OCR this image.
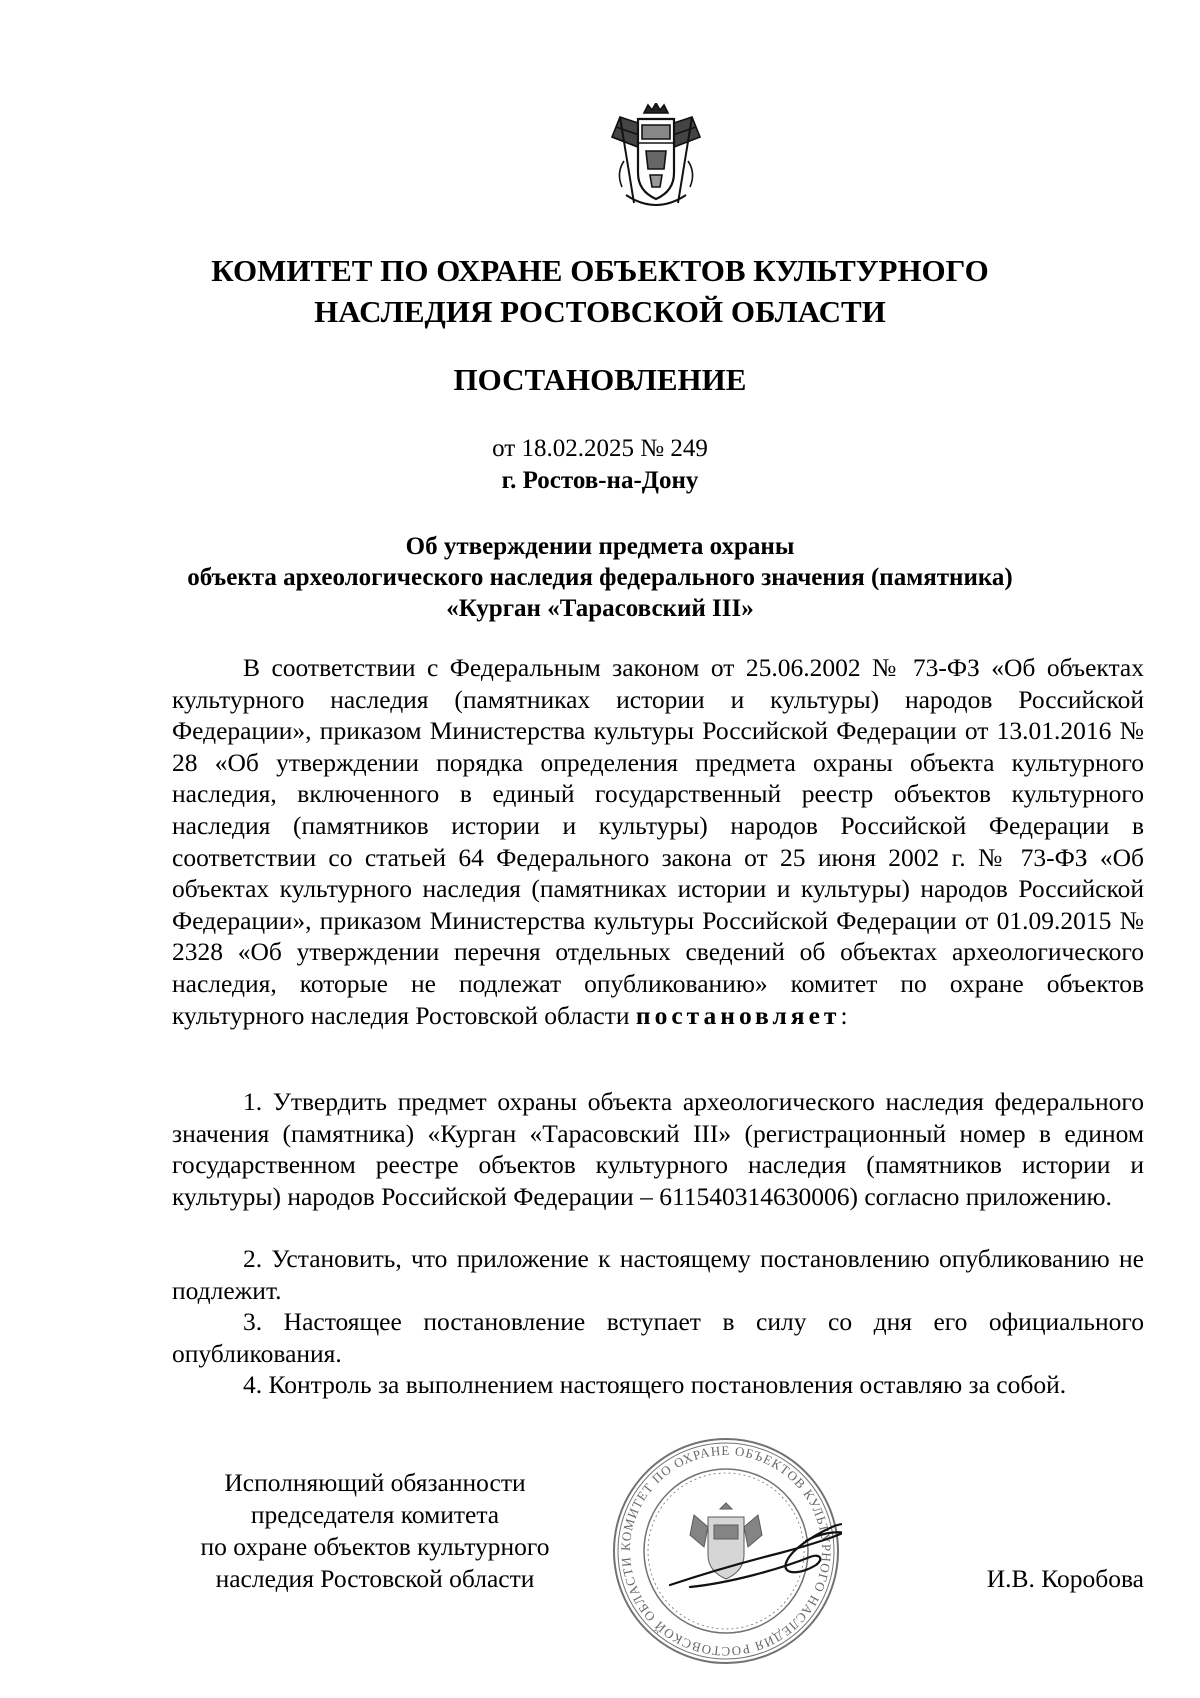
КОМИТЕТ ПО ОХРАНЕ ОБЪЕКТОВ КУЛЬТУРНОГО
НАСЛЕДИЯ РОСТОВСКОЙ ОБЛАСТИ
ПОСТАНОВЛЕНИЕ
от 18.02.2025 № 249
г. Ростов-на-Дону
Об утверждении предмета охраны
объекта археологического наследия федерального значения (памятника)
«Курган «Тарасовский III»
В соответствии с Федеральным законом от 25.06.2002 № 73-ФЗ «Об объектах культурного наследия (памятниках истории и культуры) народов Российской Федерации», приказом Министерства культуры Российской Федерации от 13.01.2016 № 28 «Об утверждении порядка определения предмета охраны объекта культурного наследия, включенного в единый государственный реестр объектов культурного наследия (памятников истории и культуры) народов Российской Федерации в соответствии со статьей 64 Федерального закона от 25 июня 2002 г. № 73-ФЗ «Об объектах культурного наследия (памятниках истории и культуры) народов Российской Федерации», приказом Министерства культуры Российской Федерации от 01.09.2015 № 2328 «Об утверждении перечня отдельных сведений об объектах археологического наследия, которые не подлежат опубликованию» комитет по охране объектов культурного наследия Ростовской области постановляет:
1. Утвердить предмет охраны объекта археологического наследия федерального значения (памятника) «Курган «Тарасовский III» (регистрационный номер в едином государственном реестре объектов культурного наследия (памятников истории и культуры) народов Российской Федерации – 611540314630006) согласно приложению.
2. Установить, что приложение к настоящему постановлению опубликованию не подлежит.
3. Настоящее постановление вступает в силу со дня его официального опубликования.
4. Контроль за выполнением настоящего постановления оставляю за собой.
Исполняющий обязанности
председателя комитета
по охране объектов культурного
наследия Ростовской области
КОМИТЕТ ПО ОХРАНЕ ОБЪЕКТОВ КУЛЬТУРНОГО НАСЛЕДИЯ РОСТОВСКОЙ ОБЛАСТИ
И.В. Коробова
